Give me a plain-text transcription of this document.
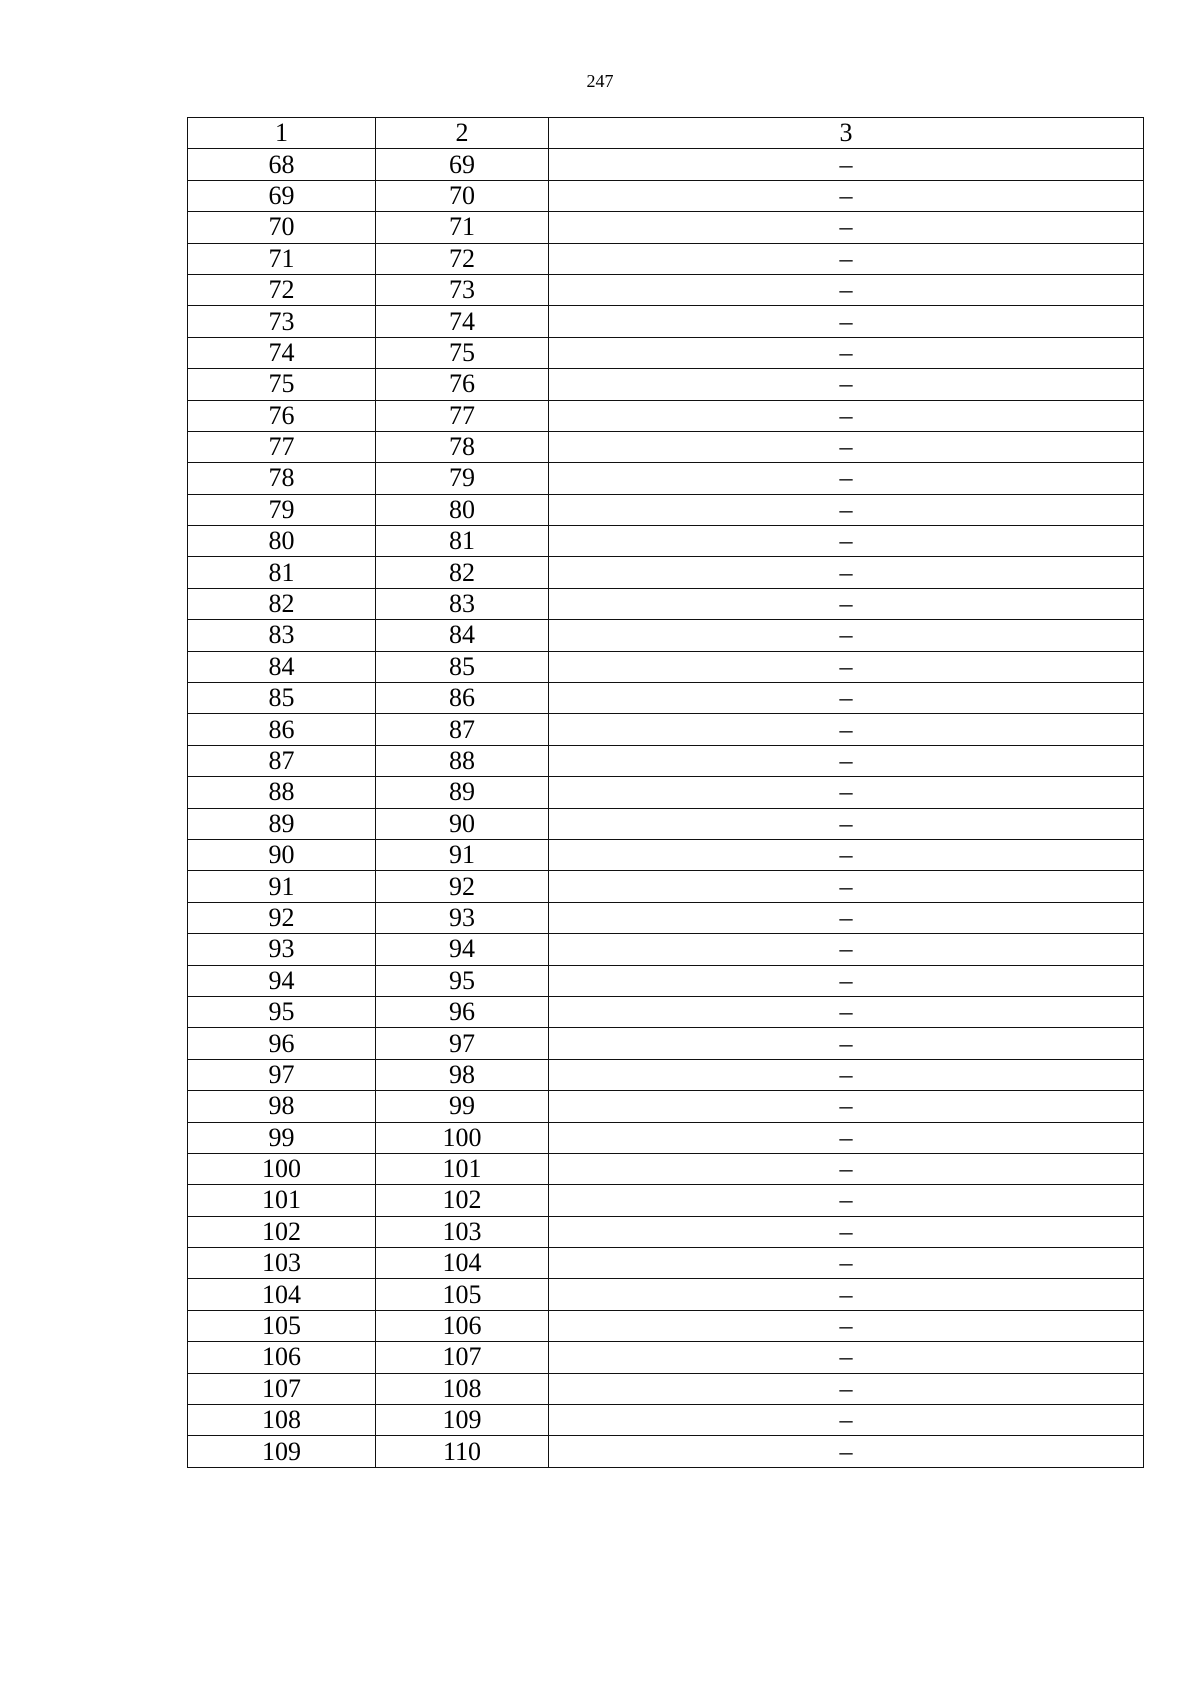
247
1	2	3
68	69	–
69	70	–
70	71	–
71	72	–
72	73	–
73	74	–
74	75	–
75	76	–
76	77	–
77	78	–
78	79	–
79	80	–
80	81	–
81	82	–
82	83	–
83	84	–
84	85	–
85	86	–
86	87	–
87	88	–
88	89	–
89	90	–
90	91	–
91	92	–
92	93	–
93	94	–
94	95	–
95	96	–
96	97	–
97	98	–
98	99	–
99	100	–
100	101	–
101	102	–
102	103	–
103	104	–
104	105	–
105	106	–
106	107	–
107	108	–
108	109	–
109	110	–
